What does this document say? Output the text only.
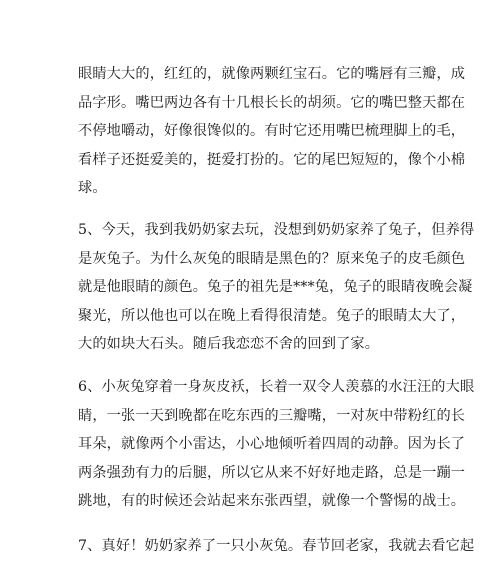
眼睛大大的，红红的，就像两颗红宝石。它的嘴唇有三瓣，成
品字形。嘴巴两边各有十几根长长的胡须。它的嘴巴整天都在
不停地嚼动，好像很馋似的。有时它还用嘴巴梳理脚上的毛，
看样子还挺爱美的，挺爱打扮的。它的尾巴短短的，像个小棉
球。
5、今天，我到我奶奶家去玩，没想到奶奶家养了兔子，但养得
是灰兔子。为什么灰兔的眼睛是黑色的？原来兔子的皮毛颜色
就是他眼睛的颜色。兔子的祖先是***兔，兔子的眼睛夜晚会凝
聚光，所以他也可以在晚上看得很清楚。兔子的眼睛太大了，
大的如块大石头。随后我恋恋不舍的回到了家。
6、小灰兔穿着一身灰皮袄，长着一双令人羡慕的水汪汪的大眼
睛，一张一天到晚都在吃东西的三瓣嘴，一对灰中带粉红的长
耳朵，就像两个小雷达，小心地倾听着四周的动静。因为长了
两条强劲有力的后腿，所以它从来不好好地走路，总是一蹦一
跳地，有的时候还会站起来东张西望，就像一个警惕的战士。
7、真好！奶奶家养了一只小灰兔。春节回老家，我就去看它起
